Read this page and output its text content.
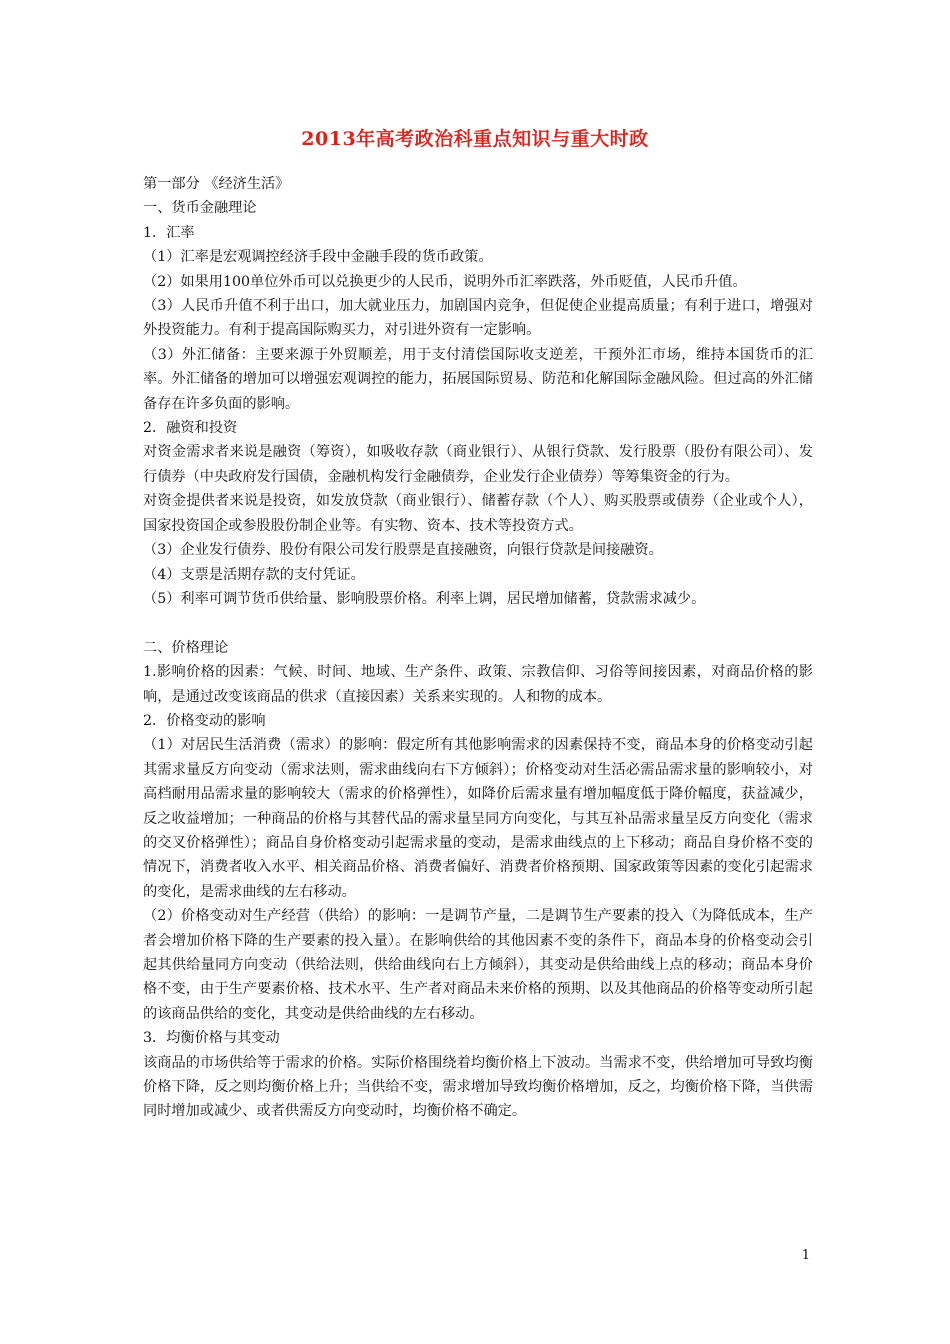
2013年高考政治科重点知识与重大时政

第一部分 《经济生活》

一、货币金融理论

1．汇率

（1）汇率是宏观调控经济手段中金融手段的货币政策。

（2）如果用100单位外币可以兑换更少的人民币，说明外币汇率跌落，外币贬值，人民币升值。

（3）人民币升值不利于出口，加大就业压力，加剧国内竞争，但促使企业提高质量；有利于进口，增强对外投资能力。有利于提高国际购买力，对引进外资有一定影响。

（3）外汇储备：主要来源于外贸顺差，用于支付清偿国际收支逆差，干预外汇市场，维持本国货币的汇率。外汇储备的增加可以增强宏观调控的能力，拓展国际贸易、防范和化解国际金融风险。但过高的外汇储备存在许多负面的影响。

2．融资和投资

对资金需求者来说是融资（筹资），如吸收存款（商业银行）、从银行贷款、发行股票（股份有限公司）、发行债券（中央政府发行国债，金融机构发行金融债券，企业发行企业债券）等筹集资金的行为。

对资金提供者来说是投资，如发放贷款（商业银行）、储蓄存款（个人）、购买股票或债券（企业或个人），国家投资国企或参股股份制企业等。有实物、资本、技术等投资方式。

（3）企业发行债券、股份有限公司发行股票是直接融资，向银行贷款是间接融资。

（4）支票是活期存款的支付凭证。

（5）利率可调节货币供给量、影响股票价格。利率上调，居民增加储蓄，贷款需求减少。

二、价格理论

1.影响价格的因素：气候、时间、地域、生产条件、政策、宗教信仰、习俗等间接因素，对商品价格的影响，是通过改变该商品的供求（直接因素）关系来实现的。人和物的成本。

2．价格变动的影响

（1）对居民生活消费（需求）的影响：假定所有其他影响需求的因素保持不变，商品本身的价格变动引起其需求量反方向变动（需求法则，需求曲线向右下方倾斜）；价格变动对生活必需品需求量的影响较小，对高档耐用品需求量的影响较大（需求的价格弹性），如降价后需求量有增加幅度低于降价幅度，获益减少，反之收益增加；一种商品的价格与其替代品的需求量呈同方向变化，与其互补品需求量呈反方向变化（需求的交叉价格弹性）；商品自身价格变动引起需求量的变动，是需求曲线点的上下移动；商品自身价格不变的情况下，消费者收入水平、相关商品价格、消费者偏好、消费者价格预期、国家政策等因素的变化引起需求的变化，是需求曲线的左右移动。

（2）价格变动对生产经营（供给）的影响：一是调节产量，二是调节生产要素的投入（为降低成本，生产者会增加价格下降的生产要素的投入量）。在影响供给的其他因素不变的条件下，商品本身的价格变动会引起其供给量同方向变动（供给法则，供给曲线向右上方倾斜），其变动是供给曲线上点的移动；商品本身价格不变，由于生产要素价格、技术水平、生产者对商品未来价格的预期、以及其他商品的价格等变动所引起的该商品供给的变化，其变动是供给曲线的左右移动。

3．均衡价格与其变动

该商品的市场供给等于需求的价格。实际价格围绕着均衡价格上下波动。当需求不变，供给增加可导致均衡价格下降，反之则均衡价格上升；当供给不变，需求增加导致均衡价格增加，反之，均衡价格下降，当供需同时增加或减少、或者供需反方向变动时，均衡价格不确定。

1
